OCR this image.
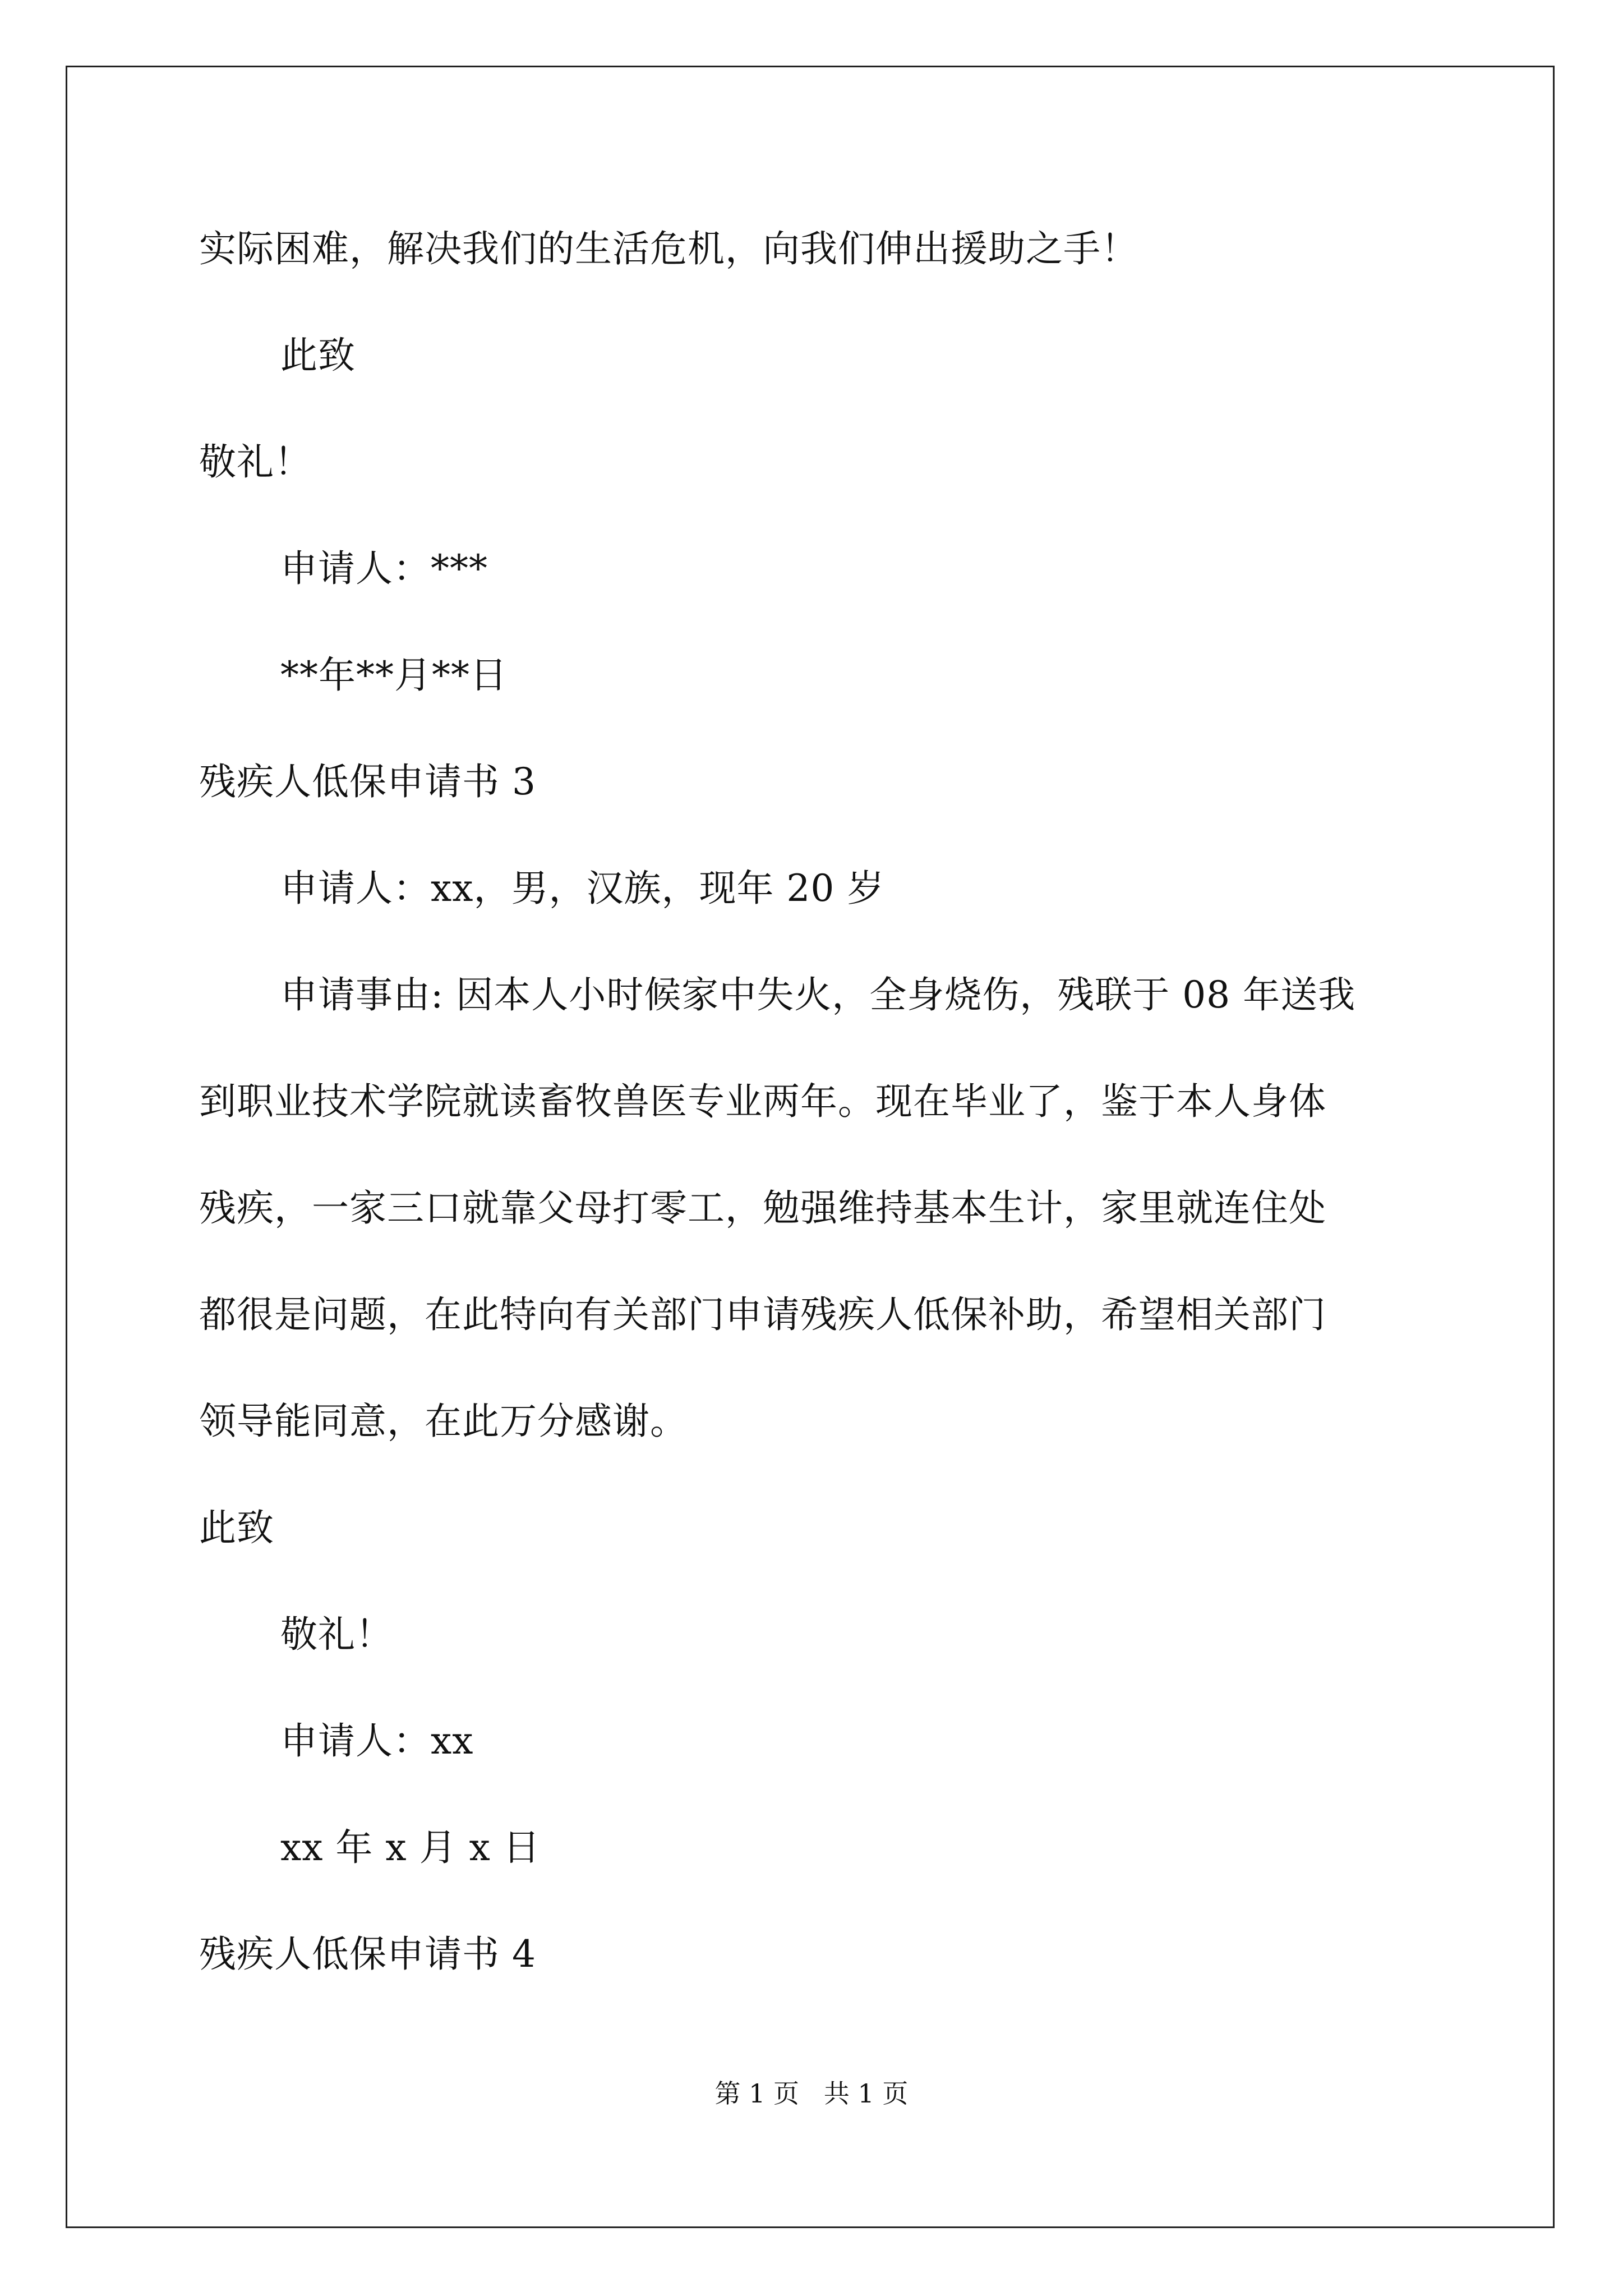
实际困难，解决我们的生活危机，向我们伸出援助之手！

此致

敬礼！

申请人：***

**年**月**日

残疾人低保申请书 3

申请人：xx，男，汉族，现年 20 岁

申请事由: 因本人小时候家中失火，全身烧伤，残联于 08 年送我

到职业技术学院就读畜牧兽医专业两年。现在毕业了，鉴于本人身体

残疾，一家三口就靠父母打零工，勉强维持基本生计，家里就连住处

都很是问题，在此特向有关部门申请残疾人低保补助，希望相关部门

领导能同意，在此万分感谢。

此致

敬礼！

申请人：xx

xx 年 x 月 x 日

残疾人低保申请书 4

第 1 页   共 1 页
